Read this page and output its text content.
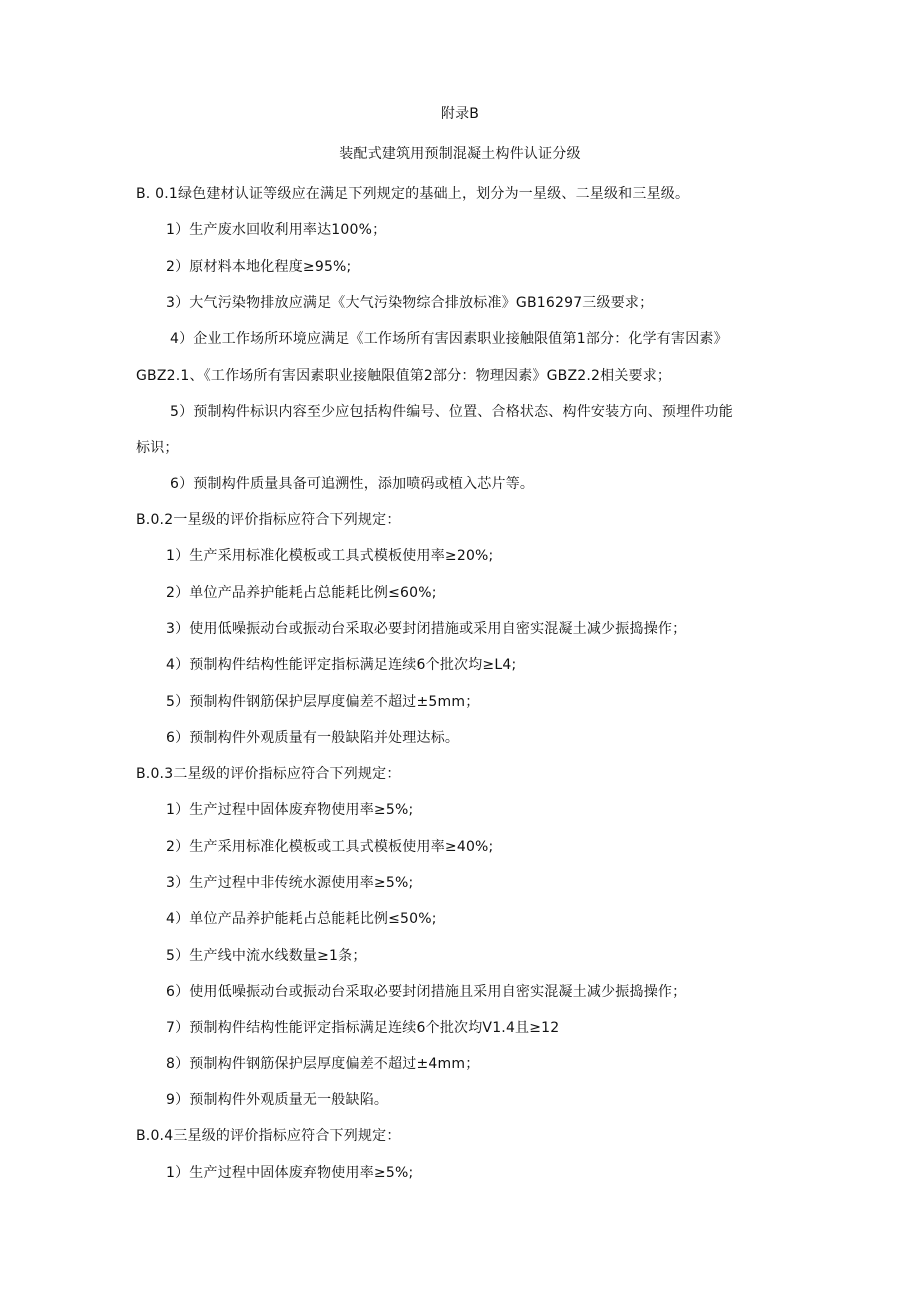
附录B
装配式建筑用预制混凝土构件认证分级
B. 0.1绿色建材认证等级应在满足下列规定的基础上，划分为一星级、二星级和三星级。
1）生产废水回收利用率达100%；
2）原材料本地化程度≥95%;
3）大气污染物排放应满足《大气污染物综合排放标准》GB16297三级要求；
4）企业工作场所环境应满足《工作场所有害因素职业接触限值第1部分：化学有害因素》
GBZ2.1、《工作场所有害因素职业接触限值第2部分：物理因素》GBZ2.2相关要求；
5）预制构件标识内容至少应包括构件编号、位置、合格状态、构件安装方向、预埋件功能
标识；
6）预制构件质量具备可追溯性，添加喷码或植入芯片等。
B.0.2一星级的评价指标应符合下列规定：
1）生产采用标准化模板或工具式模板使用率≥20%;
2）单位产品养护能耗占总能耗比例≤60%;
3）使用低噪振动台或振动台采取必要封闭措施或采用自密实混凝土减少振捣操作；
4）预制构件结构性能评定指标满足连续6个批次均≥L4;
5）预制构件钢筋保护层厚度偏差不超过±5mm；
6）预制构件外观质量有一般缺陷并处理达标。
B.0.3二星级的评价指标应符合下列规定：
1）生产过程中固体废弃物使用率≥5%;
2）生产采用标准化模板或工具式模板使用率≥40%;
3）生产过程中非传统水源使用率≥5%;
4）单位产品养护能耗占总能耗比例≤50%;
5）生产线中流水线数量≥1条；
6）使用低噪振动台或振动台采取必要封闭措施且采用自密实混凝土减少振捣操作；
7）预制构件结构性能评定指标满足连续6个批次均V1.4且≥12
8）预制构件钢筋保护层厚度偏差不超过±4mm；
9）预制构件外观质量无一般缺陷。
B.0.4三星级的评价指标应符合下列规定：
1）生产过程中固体废弃物使用率≥5%;
